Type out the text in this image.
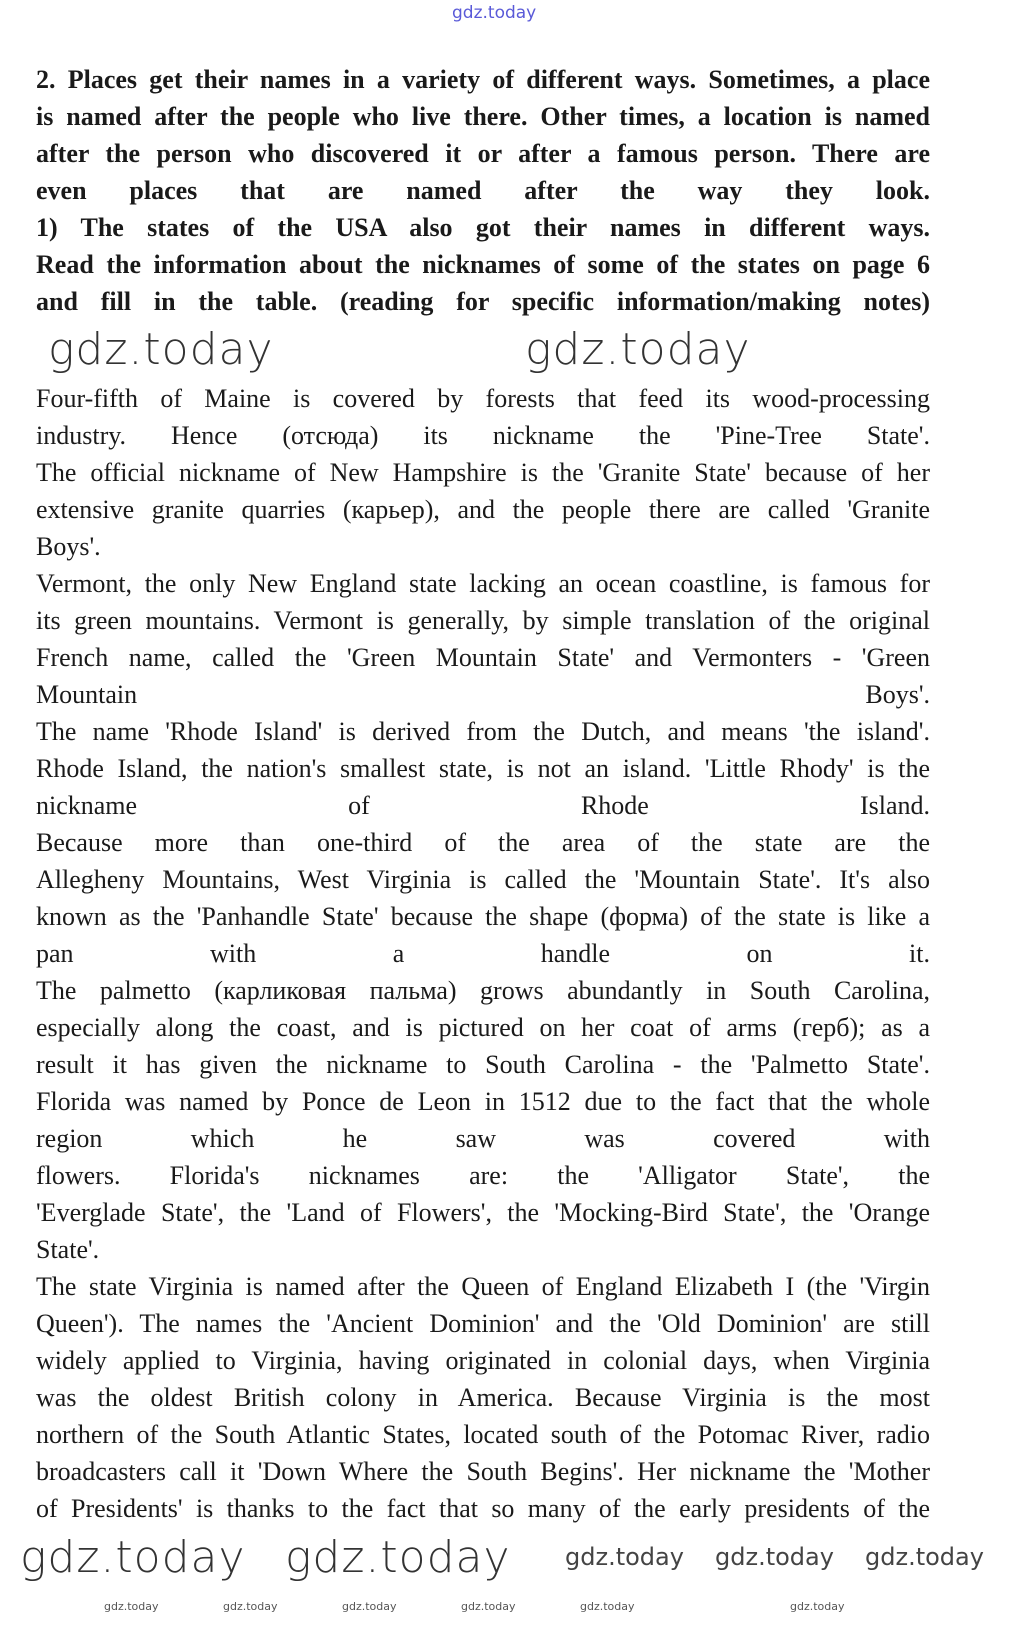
gdz.today
2. Places get their names in a variety of different ways. Sometimes, a place
is named after the people who live there. Other times, a location is named
after the person who discovered it or after a famous person. There are
even places that are named after the way they look.
1) The states of the USA also got their names in different ways.
Read the information about the nicknames of some of the states on page 6
and fill in the table. (reading for specific information/making notes)
Four-fifth of Maine is covered by forests that feed its wood-processing
industry. Hence (отсюда) its nickname the 'Pine-Tree State'.
The official nickname of New Hampshire is the 'Granite State' because of her
extensive granite quarries (карьер), and the people there are called 'Granite
Boys'.
Vermont, the only New England state lacking an ocean coastline, is famous for
its green mountains. Vermont is generally, by simple translation of the original
French name, called the 'Green Mountain State' and Vermonters - 'Green
Mountain Boys'.
The name 'Rhode Island' is derived from the Dutch, and means 'the island'.
Rhode Island, the nation's smallest state, is not an island. 'Little Rhody' is the
nickname of Rhode Island.
Because more than one-third of the area of the state are the
Allegheny Mountains, West Virginia is called the 'Mountain State'. It's also
known as the 'Panhandle State' because the shape (форма) of the state is like a
pan with a handle on it.
The palmetto (карликовая пальма) grows abundantly in South Carolina,
especially along the coast, and is pictured on her coat of arms (герб); as a
result it has given the nickname to South Carolina - the 'Palmetto State'.
Florida was named by Ponce de Leon in 1512 due to the fact that the whole
region which he saw was covered with
flowers. Florida's nicknames are: the 'Alligator State', the
'Everglade State', the 'Land of Flowers', the 'Mocking-Bird State', the 'Orange
State'.
The state Virginia is named after the Queen of England Elizabeth I (the 'Virgin
Queen'). The names the 'Ancient Dominion' and the 'Old Dominion' are still
widely applied to Virginia, having originated in colonial days, when Virginia
was the oldest British colony in America. Because Virginia is the most
northern of the South Atlantic States, located south of the Potomac River, radio
broadcasters call it 'Down Where the South Begins'. Her nickname the 'Mother
of Presidents' is thanks to the fact that so many of the early presidents of the
gdz.today	gdz.today
gdz.today gdz.today gdz.today gdz.today gdz.today
gdz.today	gdz.today	gdz.today	gdz.today	gdz.today	gdz.today
